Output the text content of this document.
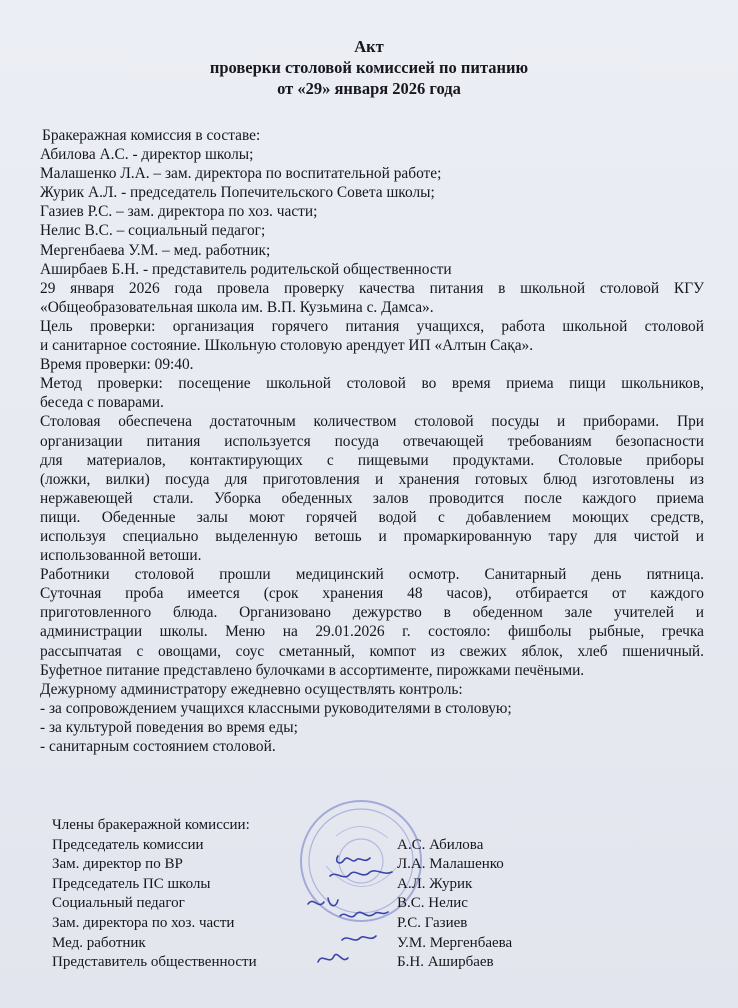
Акт
проверки столовой комиссией по питанию
от «29» января 2026 года

Бракеражная комиссия в составе:

Абилова А.С. - директор школы;

Малашенко Л.А. – зам. директора по воспитательной работе;

Журик А.Л. - председатель Попечительского Совета школы;

Газиев Р.С. – зам. директора по хоз. части;

Нелис В.С. – социальный педагог;

Мергенбаева У.М. – мед. работник;

Аширбаев Б.Н. - представитель родительской общественности

29 января 2026 года провела проверку качества питания в школьной столовой КГУ

«Общеобразовательная школа им. В.П. Кузьмина с. Дамса».

Цель проверки: организация горячего питания учащихся, работа школьной столовой

и санитарное состояние. Школьную столовую арендует ИП «Алтын Сақа».

Время проверки: 09:40.

Метод проверки: посещение школьной столовой во время приема пищи школьников,

беседа с поварами.

Столовая обеспечена достаточным количеством столовой посуды и приборами. При

организации питания используется посуда отвечающей требованиям безопасности

для материалов, контактирующих с пищевыми продуктами. Столовые приборы

(ложки, вилки) посуда для приготовления и хранения готовых блюд изготовлены из

нержавеющей стали. Уборка обеденных залов проводится после каждого приема

пищи. Обеденные залы моют горячей водой с добавлением моющих средств,

используя специально выделенную ветошь и промаркированную тару для чистой и

использованной ветоши.

Работники столовой прошли медицинский осмотр. Санитарный день пятница.

Суточная проба имеется (срок хранения 48 часов), отбирается от каждого

приготовленного блюда. Организовано дежурство в обеденном зале учителей и

администрации школы. Меню на 29.01.2026 г. состояло: фишболы рыбные, гречка

рассыпчатая с овощами, соус сметанный, компот из свежих яблок, хлеб пшеничный.

Буфетное питание представлено булочками в ассортименте, пирожками печёными.

Дежурному администратору ежедневно осуществлять контроль:

- за сопровождением учащихся классными руководителями в столовую;

- за культурой поведения во время еды;

- санитарным состоянием столовой.

Члены бракеражной комиссии:
Председатель комиссии	А.С. Абилова
Зам. директор по ВР	Л.А. Малашенко
Председатель ПС школы	А.Л. Журик
Социальный педагог	В.С. Нелис
Зам. директора по хоз. части	Р.С. Газиев
Мед. работник	У.М. Мергенбаева
Представитель общественности	Б.Н. Аширбаев
